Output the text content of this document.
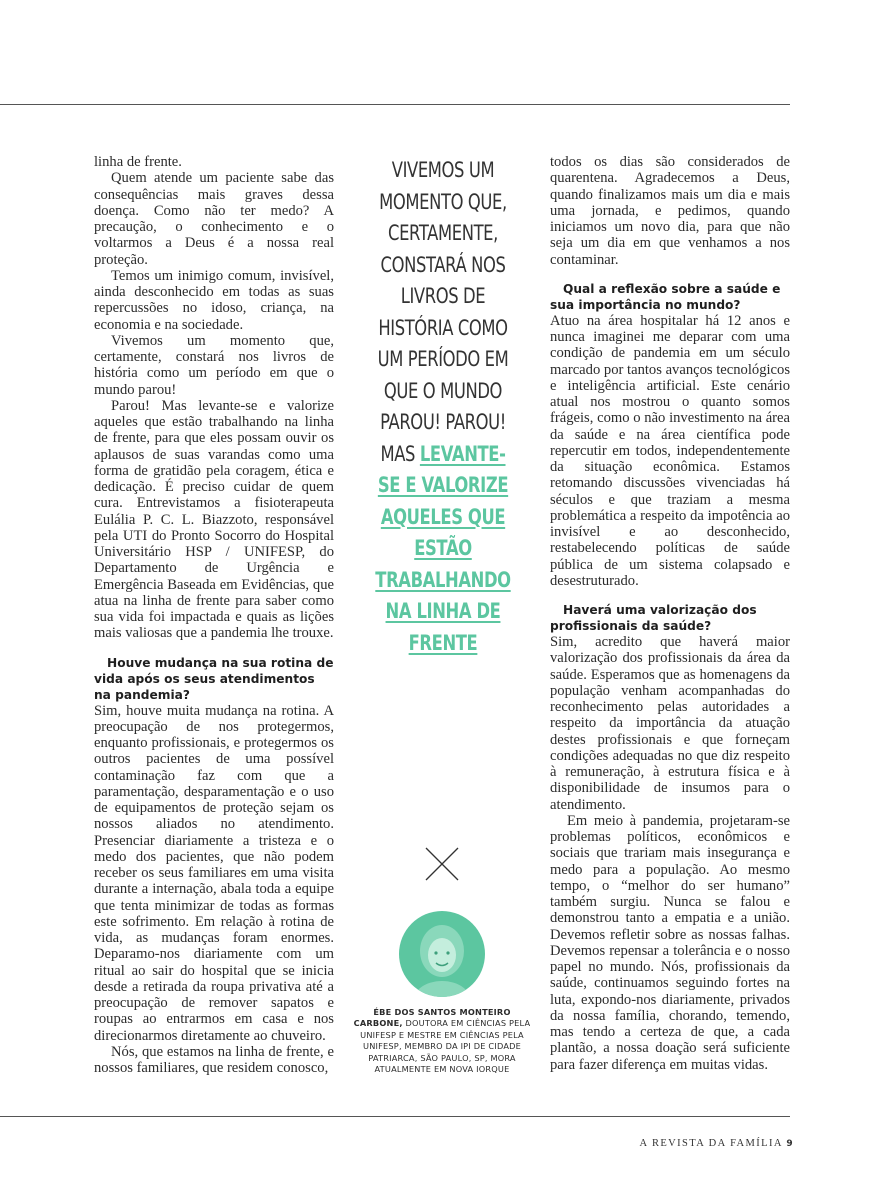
linha de frente.

Quem atende um paciente sabe das consequências mais graves dessa doença. Como não ter medo? A precaução, o conhecimento e o voltarmos a Deus é a nossa real proteção.

Temos um inimigo comum, invisível, ainda desconhecido em todas as suas repercussões no idoso, criança, na economia e na sociedade.

Vivemos um momento que, certamente, constará nos livros de história como um período em que o mundo parou!

Parou! Mas levante-se e valorize aqueles que estão trabalhando na linha de frente, para que eles possam ouvir os aplausos de suas varandas como uma forma de gratidão pela coragem, ética e dedicação. É preciso cuidar de quem cura. Entrevistamos a fisioterapeuta Eulália P. C. L. Biazzoto, responsável pela UTI do Pronto Socorro do Hospital Universitário HSP / UNIFESP, do Departamento de Urgência e Emergência Baseada em Evidências, que atua na linha de frente para saber como sua vida foi impactada e quais as lições mais valiosas que a pandemia lhe trouxe.

Houve mudança na sua rotina de vida após os seus atendimentos na pandemia?

Sim, houve muita mudança na rotina. A preocupação de nos protegermos, enquanto profissionais, e protegermos os outros pacientes de uma possível contaminação faz com que a paramentação, desparamentação e o uso de equipamentos de proteção sejam os nossos aliados no atendimento. Presenciar diariamente a tristeza e o medo dos pacientes, que não podem receber os seus familiares em uma visita durante a internação, abala toda a equipe que tenta minimizar de todas as formas este sofrimento. Em relação à rotina de vida, as mudanças foram enormes. Deparamo-nos diariamente com um ritual ao sair do hospital que se inicia desde a retirada da roupa privativa até a preocupação de remover sapatos e roupas ao entrarmos em casa e nos direcionarmos diretamente ao chuveiro.

Nós, que estamos na linha de frente, e nossos familiares, que residem conosco,

VIVEMOS UM MOMENTO QUE, CERTAMENTE, CONSTARÁ NOS LIVROS DE HISTÓRIA COMO UM PERÍODO EM QUE O MUNDO PAROU! PAROU! MAS LEVANTE-SE E VALORIZE AQUELES QUE ESTÃO TRABALHANDO NA LINHA DE FRENTE
ÉBE DOS SANTOS MONTEIRO CARBONE, DOUTORA EM CIÊNCIAS PELA UNIFESP E MESTRE EM CIÊNCIAS PELA UNIFESP, MEMBRO DA IPI DE CIDADE PATRIARCA, SÃO PAULO, SP, MORA ATUALMENTE EM NOVA IORQUE

todos os dias são considerados de quarentena. Agradecemos a Deus, quando finalizamos mais um dia e mais uma jornada, e pedimos, quando iniciamos um novo dia, para que não seja um dia em que venhamos a nos contaminar.

Qual a reflexão sobre a saúde e sua importância no mundo?

Atuo na área hospitalar há 12 anos e nunca imaginei me deparar com uma condição de pandemia em um século marcado por tantos avanços tecnológicos e inteligência artificial. Este cenário atual nos mostrou o quanto somos frágeis, como o não investimento na área da saúde e na área científica pode repercutir em todos, independentemente da situação econômica. Estamos retomando discussões vivenciadas há séculos e que traziam a mesma problemática a respeito da impotência ao invisível e ao desconhecido, restabelecendo políticas de saúde pública de um sistema colapsado e desestruturado.

Haverá uma valorização dos profissionais da saúde?

Sim, acredito que haverá maior valorização dos profissionais da área da saúde. Esperamos que as homenagens da população venham acompanhadas do reconhecimento pelas autoridades a respeito da importância da atuação destes profissionais e que forneçam condições adequadas no que diz respeito à remuneração, à estrutura física e à disponibilidade de insumos para o atendimento.

Em meio à pandemia, projetaram-se problemas políticos, econômicos e sociais que trariam mais insegurança e medo para a população. Ao mesmo tempo, o “melhor do ser humano” também surgiu. Nunca se falou e demonstrou tanto a empatia e a união. Devemos refletir sobre as nossas falhas. Devemos repensar a tolerância e o nosso papel no mundo. Nós, profissionais da saúde, continuamos seguindo fortes na luta, expondo-nos diariamente, privados da nossa família, chorando, temendo, mas tendo a certeza de que, a cada plantão, a nossa doação será suficiente para fazer diferença em muitas vidas.

A REVISTA DA FAMÍLIA 9
